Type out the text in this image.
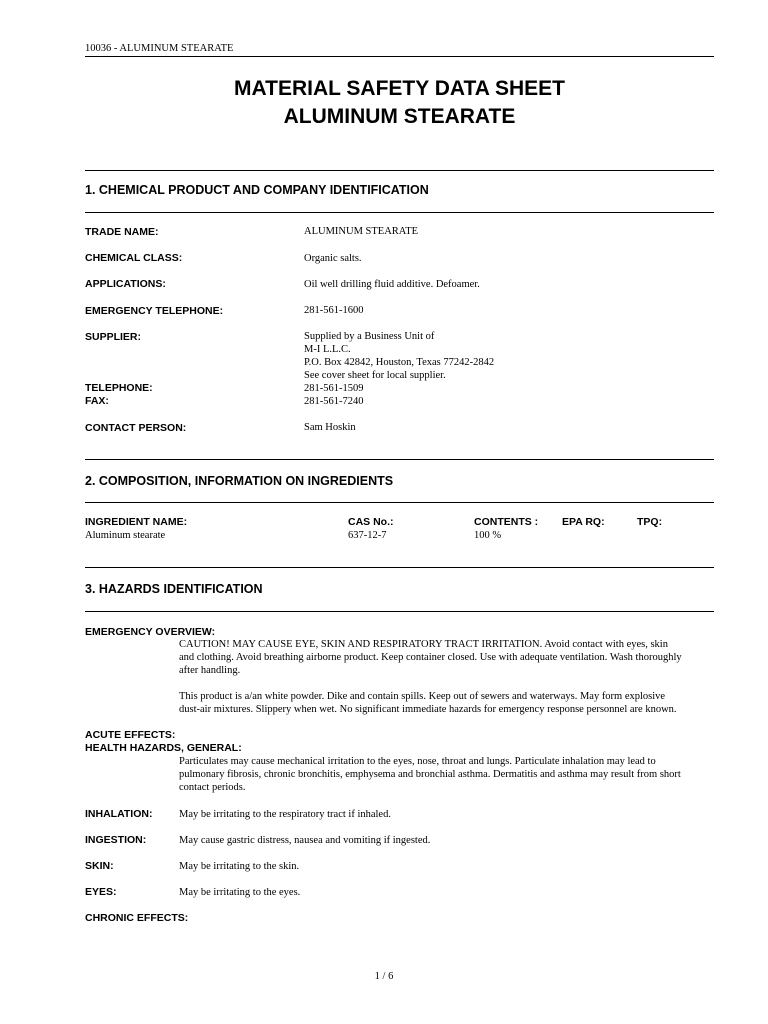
10036 - ALUMINUM STEARATE
MATERIAL SAFETY DATA SHEET
ALUMINUM STEARATE
1. CHEMICAL PRODUCT AND COMPANY IDENTIFICATION
TRADE NAME:	ALUMINUM STEARATE
CHEMICAL CLASS:	Organic salts.
APPLICATIONS:	Oil well drilling fluid additive. Defoamer.
EMERGENCY TELEPHONE:	281-561-1600
SUPPLIER:	Supplied by a Business Unit of
M-I L.L.C.
P.O. Box 42842, Houston, Texas 77242-2842
See cover sheet for local supplier.
TELEPHONE:	281-561-1509
FAX:	281-561-7240
CONTACT PERSON:	Sam Hoskin
2. COMPOSITION, INFORMATION ON INGREDIENTS
INGREDIENT NAME:	CAS No.:	CONTENTS : EPA RQ:	TPQ:
Aluminum stearate	637-12-7	100 %
3. HAZARDS IDENTIFICATION
EMERGENCY OVERVIEW:
CAUTION! MAY CAUSE EYE, SKIN AND RESPIRATORY TRACT IRRITATION. Avoid contact with eyes, skin
and clothing. Avoid breathing airborne product. Keep container closed. Use with adequate ventilation. Wash thoroughly
after handling.
This product is a/an white powder. Dike and contain spills. Keep out of sewers and waterways. May form explosive
dust-air mixtures. Slippery when wet. No significant immediate hazards for emergency response personnel are known.
ACUTE EFFECTS:
HEALTH HAZARDS, GENERAL:
Particulates may cause mechanical irritation to the eyes, nose, throat and lungs. Particulate inhalation may lead to
pulmonary fibrosis, chronic bronchitis, emphysema and bronchial asthma. Dermatitis and asthma may result from short
contact periods.
INHALATION:	May be irritating to the respiratory tract if inhaled.
INGESTION:	May cause gastric distress, nausea and vomiting if ingested.
SKIN:	May be irritating to the skin.
EYES:	May be irritating to the eyes.
CHRONIC EFFECTS:
1 / 6
